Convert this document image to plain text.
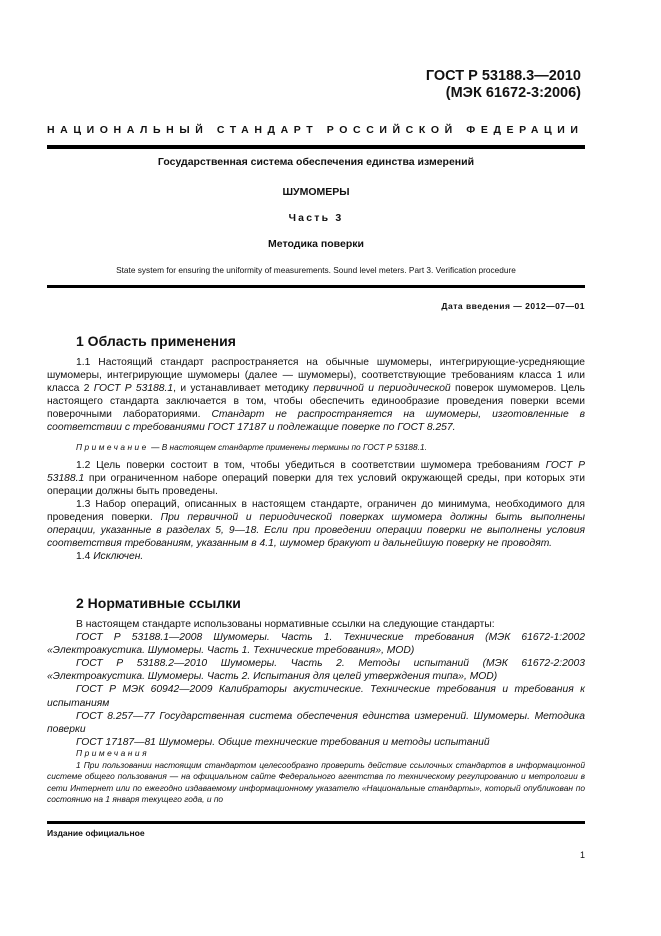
ГОСТ Р 53188.3—2010
(МЭК 61672-3:2006)
НАЦИОНАЛЬНЫЙ СТАНДАРТ РОССИЙСКОЙ ФЕДЕРАЦИИ
Государственная система обеспечения единства измерений
ШУМОМЕРЫ
Часть 3
Методика поверки
State system for ensuring the uniformity of measurements. Sound level meters. Part 3. Verification procedure
Дата введения — 2012—07—01
1 Область применения

1.1 Настоящий стандарт распространяется на обычные шумомеры, интегрирующие-усредняющие шумомеры, интегрирующие шумомеры (далее — шумомеры), соответствующие требованиям класса 1 или класса 2 ГОСТ Р 53188.1, и устанавливает методику первичной и периодической поверок шумомеров. Цель настоящего стандарта заключается в том, чтобы обеспечить единообразие проведения поверки всеми поверочными лабораториями. Стандарт не распространяется на шумомеры, изготовленные в соответствии с требованиями ГОСТ 17187 и подлежащие поверке по ГОСТ 8.257.

Примечание — В настоящем стандарте применены термины по ГОСТ Р 53188.1.

1.2 Цель поверки состоит в том, чтобы убедиться в соответствии шумомера требованиям ГОСТ Р 53188.1 при ограниченном наборе операций поверки для тех условий окружающей среды, при которых эти операции должны быть проведены.

1.3 Набор операций, описанных в настоящем стандарте, ограничен до минимума, необходимого для проведения поверки. При первичной и периодической поверках шумомера должны быть выполнены операции, указанные в разделах 5, 9—18. Если при проведении операции поверки не выполнены условия соответствия требованиям, указанным в 4.1, шумомер бракуют и дальнейшую поверку не проводят.

1.4 Исключен.

2 Нормативные ссылки

В настоящем стандарте использованы нормативные ссылки на следующие стандарты:

ГОСТ Р 53188.1—2008 Шумомеры. Часть 1. Технические требования (МЭК 61672-1:2002 «Электроакустика. Шумомеры. Часть 1. Технические требования», MOD)

ГОСТ Р 53188.2—2010 Шумомеры. Часть 2. Методы испытаний (МЭК 61672-2:2003 «Электроакустика. Шумомеры. Часть 2. Испытания для целей утверждения типа», MOD)

ГОСТ Р МЭК 60942—2009 Калибраторы акустические. Технические требования и требования к испытаниям

ГОСТ 8.257—77 Государственная система обеспечения единства измерений. Шумомеры. Методика поверки

ГОСТ 17187—81 Шумомеры. Общие технические требования и методы испытаний

Примечания

1 При пользовании настоящим стандартом целесообразно проверить действие ссылочных стандартов в информационной системе общего пользования — на официальном сайте Федерального агентства по техническому регулированию и метрологии в сети Интернет или по ежегодно издаваемому информационному указателю «Национальные стандарты», который опубликован по состоянию на 1 января текущего года, и по

Издание официальное
1
